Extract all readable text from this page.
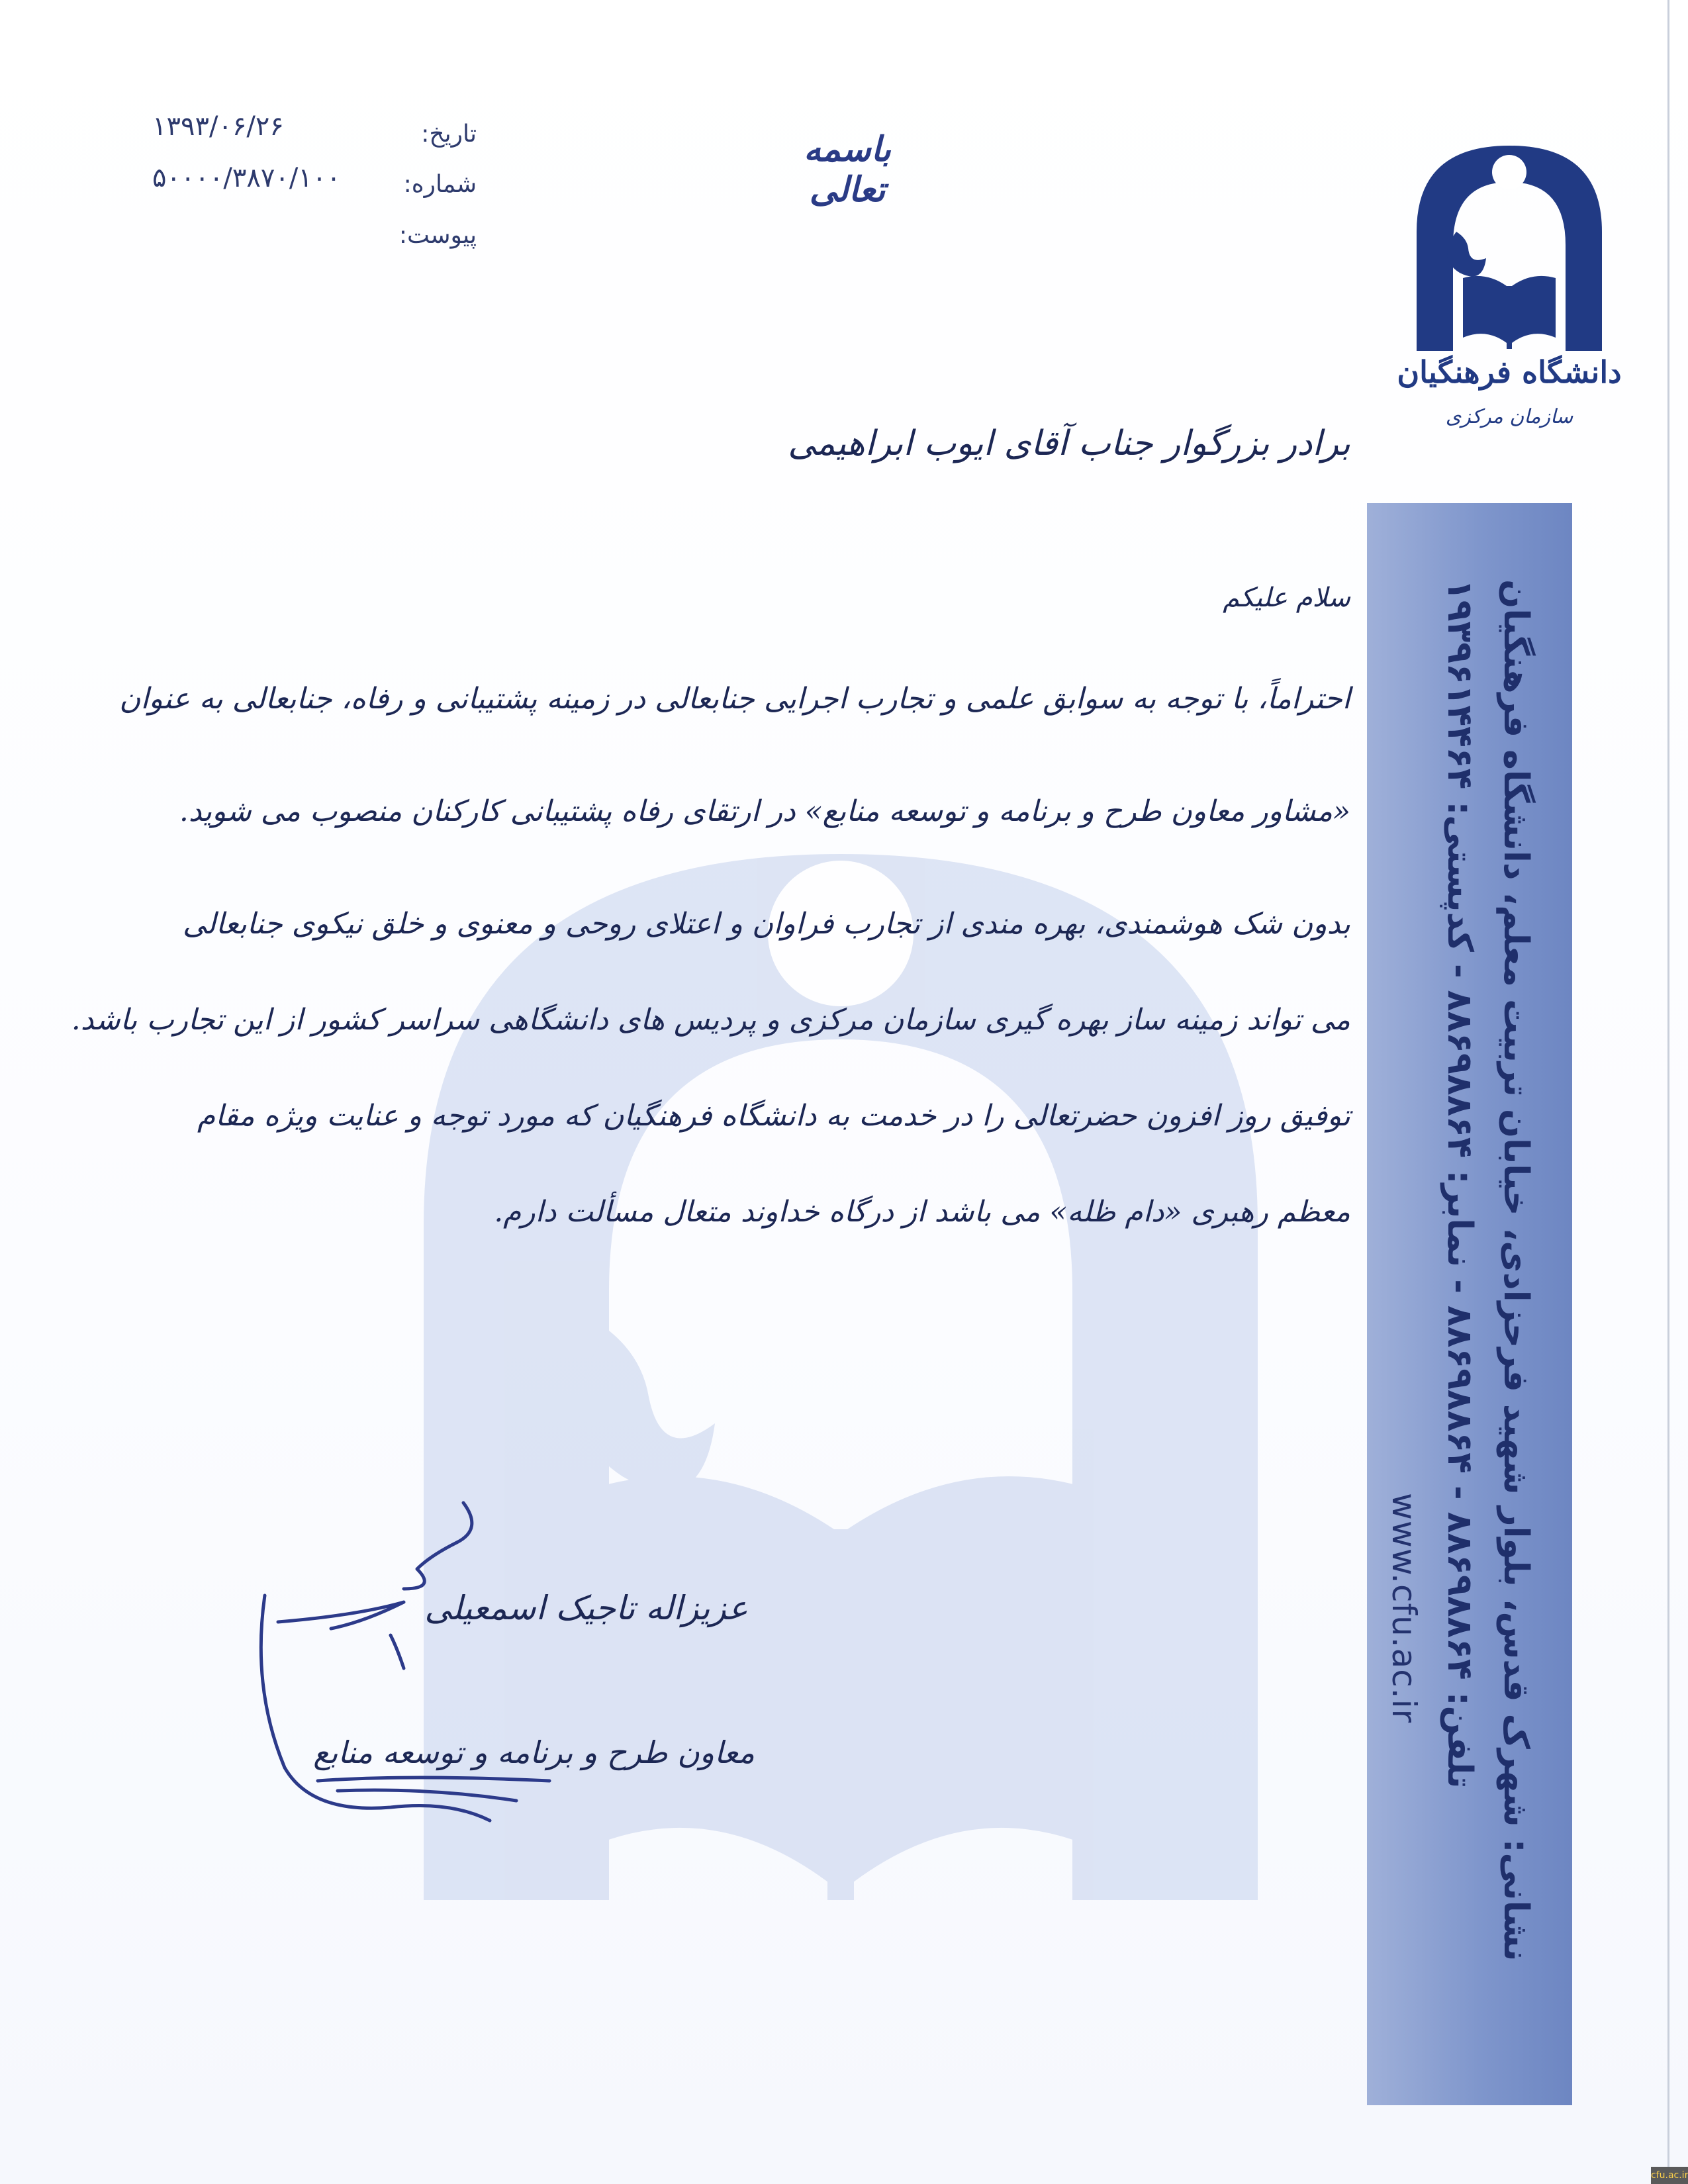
نشانی: شهرک قدس، بلوار شهید فرحزادی، خیابان تربیت معلم، دانشگاه فرهنگیان
تلفن: ۸۸۶۹۸۸۶۴ - ۸۸۶۹۸۸۶۴ - نمابر: ۸۸۶۹۸۸۶۴ - کدپستی: ۱۹۳۹۶۱۴۴۶۴
www.cfu.ac.ir
دانشگاه فرهنگیان
سازمان مرکزی
باسمه تعالی
تاریخ:
۱۳۹۳/۰۶/۲۶
شماره:
۵۰۰۰۰/۳۸۷۰/۱۰۰
پیوست:
برادر بزرگوار جناب آقای ایوب ابراهیمی
سلام علیکم
احتراماً، با توجه به سوابق علمی و تجارب اجرایی جنابعالی در زمینه پشتیبانی و رفاه، جنابعالی به عنوان
«مشاور معاون طرح و برنامه و توسعه منابع» در ارتقای رفاه پشتیبانی کارکنان منصوب می شوید.
بدون شک هوشمندی، بهره مندی از تجارب فراوان و اعتلای روحی و معنوی و خلق نیکوی جنابعالی
می تواند زمینه ساز بهره گیری سازمان مرکزی و پردیس های دانشگاهی سراسر کشور از این تجارب باشد.
توفیق روز افزون حضرتعالی را در خدمت به دانشگاه فرهنگیان که مورد توجه و عنایت ویژه مقام
معظم رهبری «دام ظله» می باشد از درگاه خداوند متعال مسألت دارم.
عزیزاله تاجیک اسمعیلی
معاون طرح و برنامه و توسعه منابع
cfu.ac.ir
